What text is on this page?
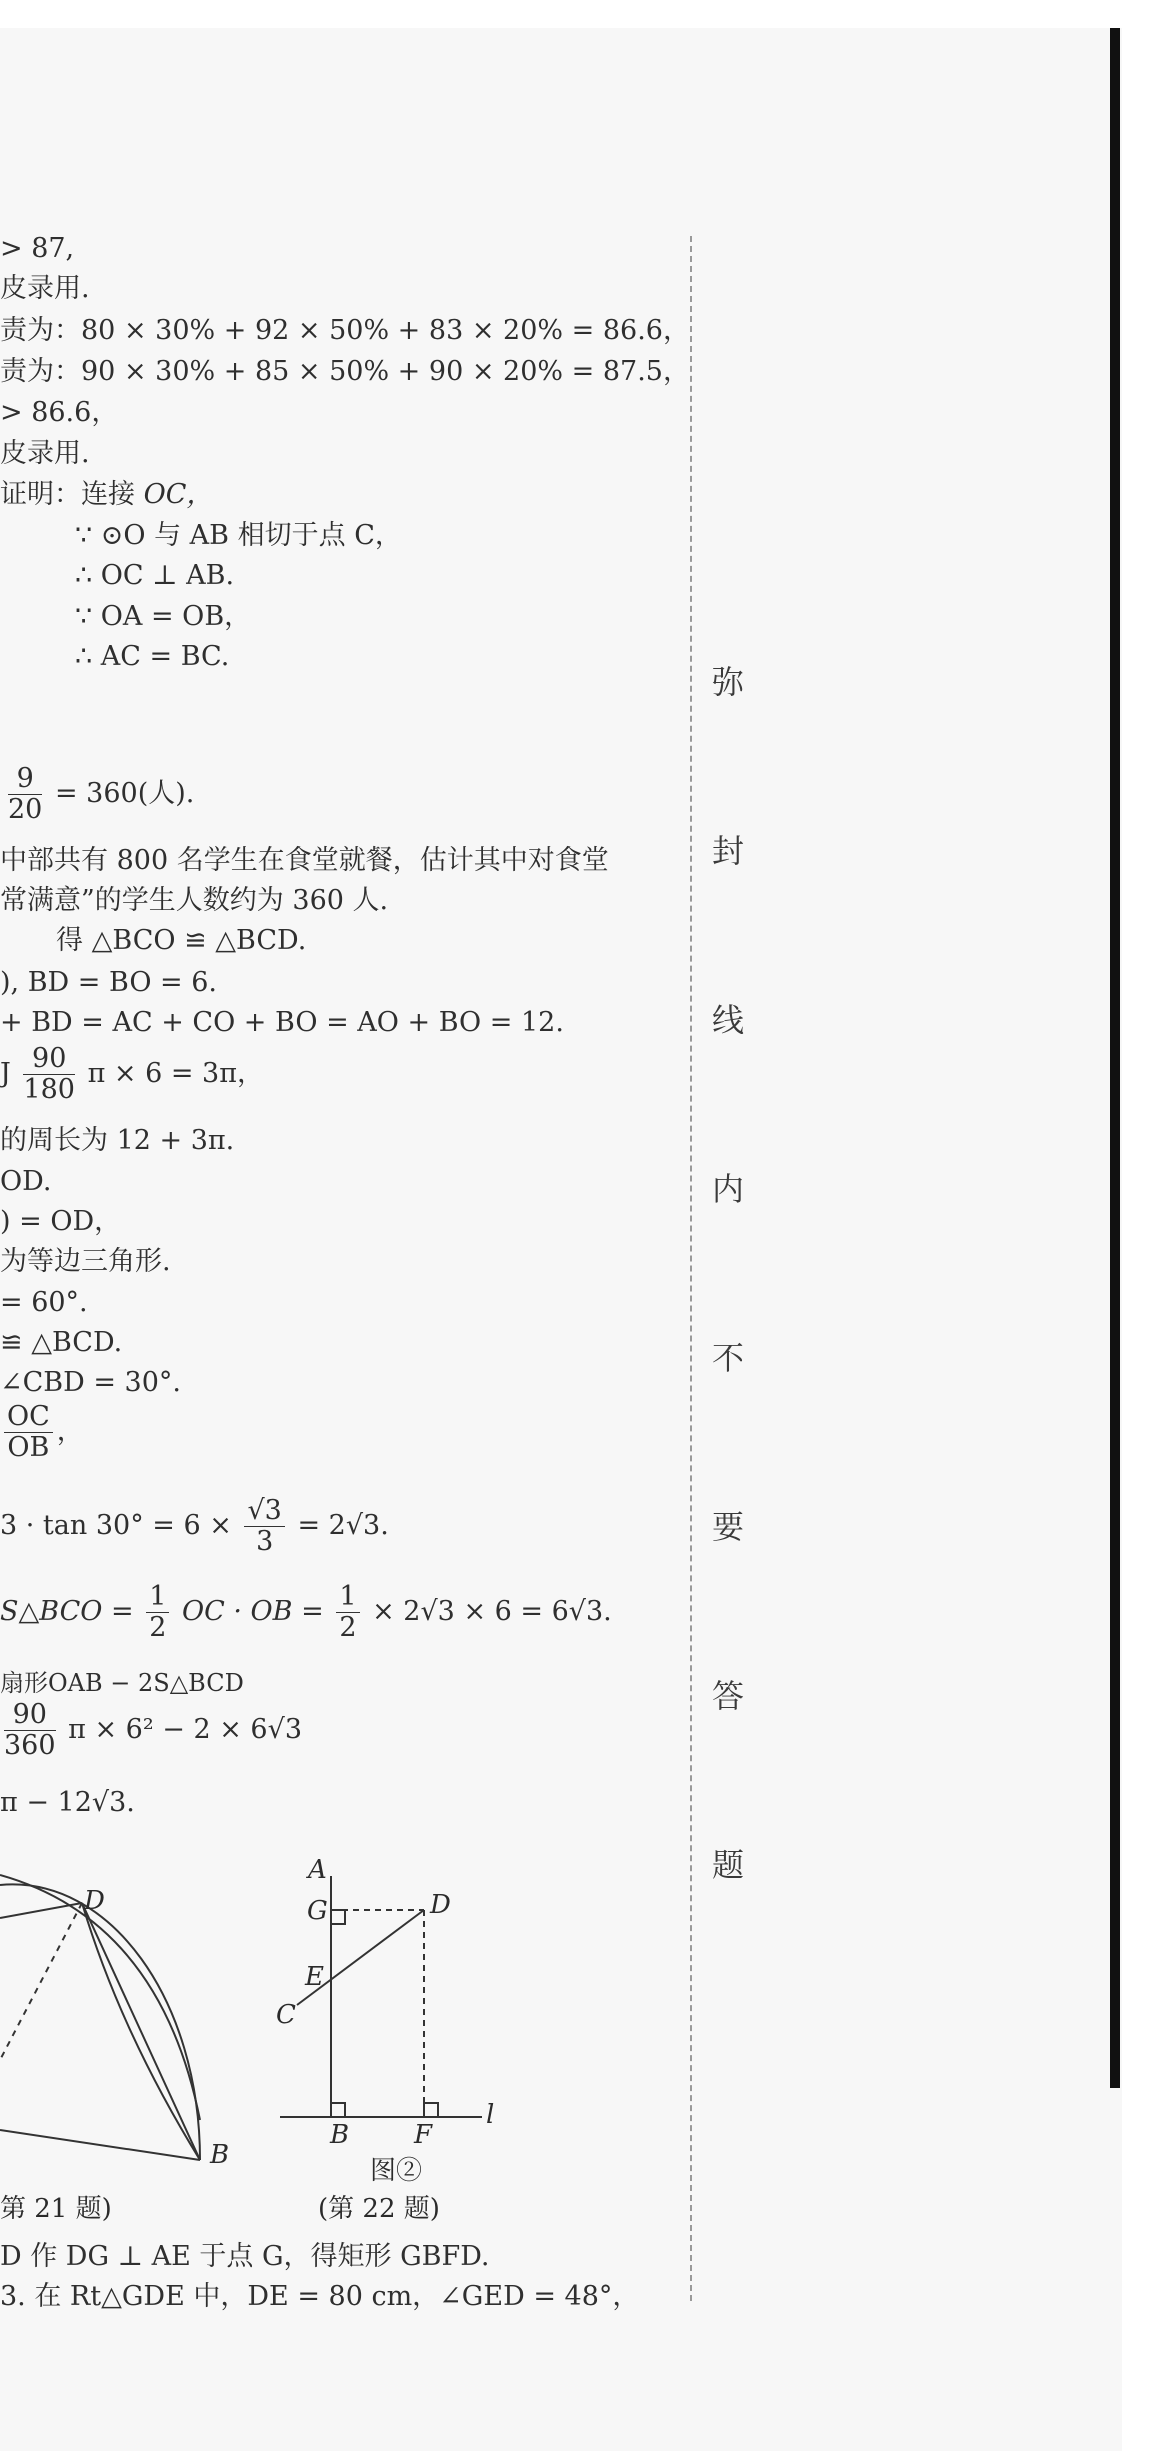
> 87,
皮录用.
责为：80 × 30% + 92 × 50% + 83 × 20% = 86.6，
责为：90 × 30% + 85 × 50% + 90 × 20% = 87.5，
> 86.6，
皮录用.
证明：连接 OC，
∵ ⊙O 与 AB 相切于点 C，
∴ OC ⊥ AB.
∵ OA = OB，
∴ AC = BC.
$\frac{9}{20} = 360$(人).
中部共有 800 名学生在食堂就餐，估计其中对食堂
常满意”的学生人数约为 360 人.
得 △BCO ≌ △BCD.
), BD = BO = 6.
+ BD = AC + CO + BO = AO + BO = 12.
J $\frac{90}{180}$ π × 6 = 3π，
的周长为 12 + 3π.
OD.
) = OD，
为等边三角形.
= 60°.
≌ △BCD.
∠CBD = 30°.
$\frac{OC}{OB}$ ，
$3 \cdot \tan 30^\circ = 6 \times \frac{√3}{3} = 2√3$.
S△BCO = $\frac{1}{2}$ OC · OB = $\frac{1}{2} \times 2√3 \times 6 = 6√3$.
扇形OAB − 2S△BCD
$\frac{90}{360}$ π × 6² − 2 × 6√3
π − 12√3.
D
B
第 21 题)
A
G	D
E
C
B F
l
图②
(第 22 题)
D 作 DG ⊥ AE 于点 G，得矩形 GBFD.
3. 在 Rt△GDE 中，DE = 80 cm，∠GED = 48°，
弥
封
线
内
不
要
答
题
